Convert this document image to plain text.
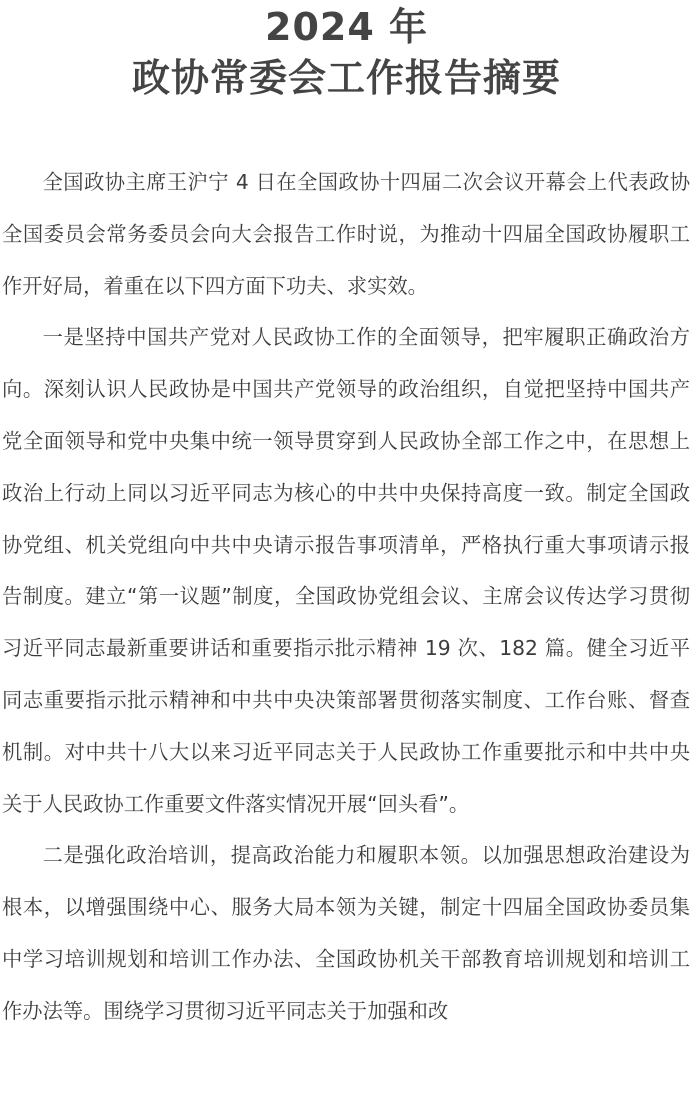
2024 年
政协常委会工作报告摘要

全国政协主席王沪宁 4 日在全国政协十四届二次会议开幕会上代表政协全国委员会常务委员会向大会报告工作时说，为推动十四届全国政协履职工作开好局，着重在以下四方面下功夫、求实效。

一是坚持中国共产党对人民政协工作的全面领导，把牢履职正确政治方向。深刻认识人民政协是中国共产党领导的政治组织，自觉把坚持中国共产党全面领导和党中央集中统一领导贯穿到人民政协全部工作之中，在思想上政治上行动上同以习近平同志为核心的中共中央保持高度一致。制定全国政协党组、机关党组向中共中央请示报告事项清单，严格执行重大事项请示报告制度。建立“第一议题”制度，全国政协党组会议、主席会议传达学习贯彻习近平同志最新重要讲话和重要指示批示精神 19 次、182 篇。健全习近平同志重要指示批示精神和中共中央决策部署贯彻落实制度、工作台账、督查机制。对中共十八大以来习近平同志关于人民政协工作重要批示和中共中央关于人民政协工作重要文件落实情况开展“回头看”。

二是强化政治培训，提高政治能力和履职本领。以加强思想政治建设为根本，以增强围绕中心、服务大局本领为关键，制定十四届全国政协委员集中学习培训规划和培训工作办法、全国政协机关干部教育培训规划和培训工作办法等。围绕学习贯彻习近平同志关于加强和改
